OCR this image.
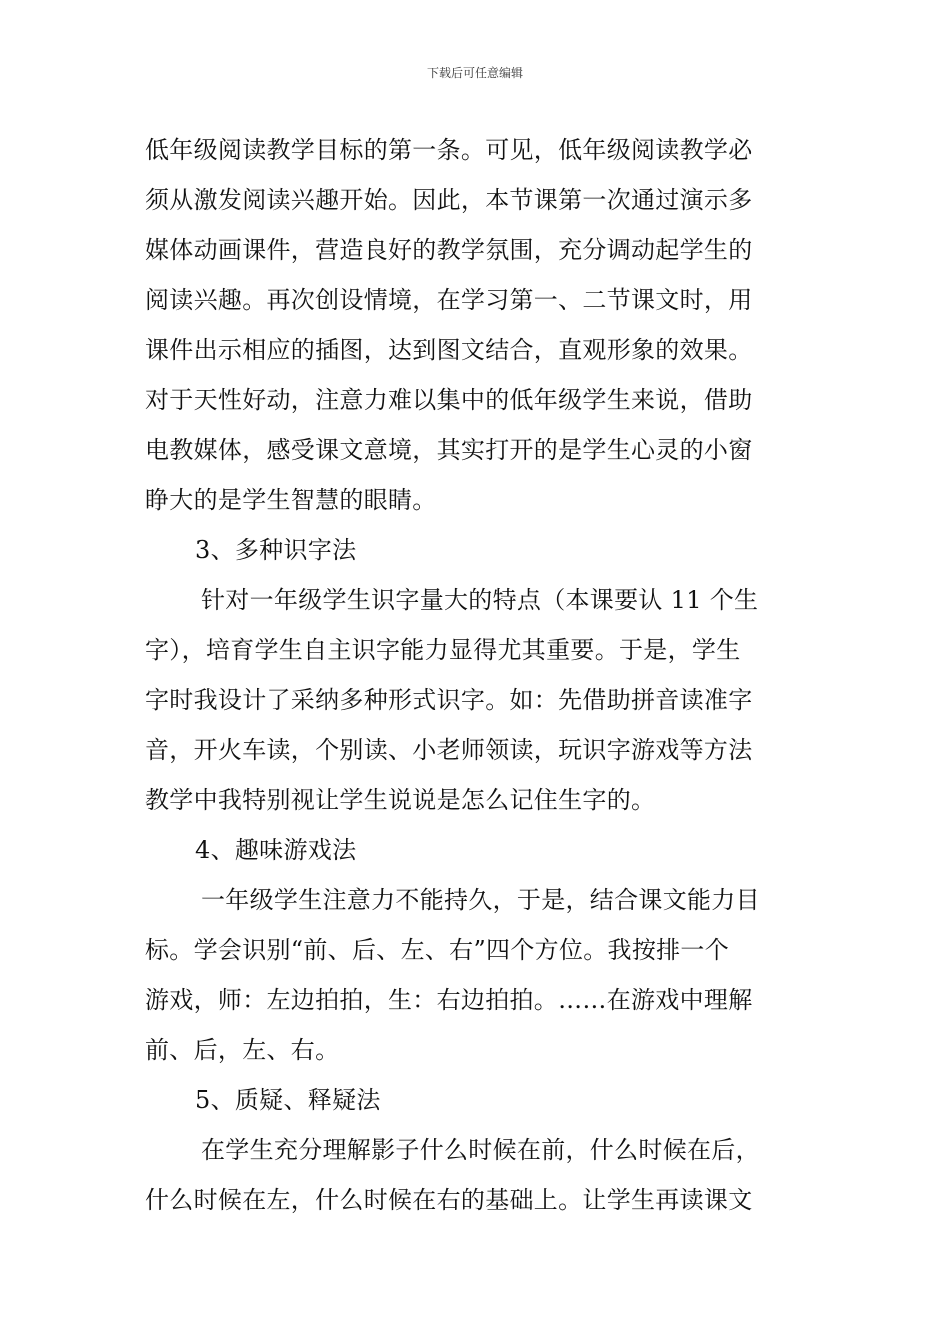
下载后可任意编辑
低年级阅读教学目标的第一条。可见，低年级阅读教学必
须从激发阅读兴趣开始。因此，本节课第一次通过演示多
媒体动画课件，营造良好的教学氛围，充分调动起学生的
阅读兴趣。再次创设情境，在学习第一、二节课文时，用
课件出示相应的插图，达到图文结合，直观形象的效果。
对于天性好动，注意力难以集中的低年级学生来说，借助
电教媒体，感受课文意境，其实打开的是学生心灵的小窗
睁大的是学生智慧的眼睛。
3、多种识字法
针对一年级学生识字量大的特点（本课要认 11 个生
字），培育学生自主识字能力显得尤其重要。于是，学生
字时我设计了采纳多种形式识字。如：先借助拼音读准字
音，开火车读，个别读、小老师领读，玩识字游戏等方法
教学中我特别视让学生说说是怎么记住生字的。
4、趣味游戏法
一年级学生注意力不能持久，于是，结合课文能力目
标。学会识别“前、后、左、右”四个方位。我按排一个
游戏，师：左边拍拍，生：右边拍拍。……在游戏中理解
前、后，左、右。
5、质疑、释疑法
在学生充分理解影子什么时候在前，什么时候在后，
什么时候在左，什么时候在右的基础上。让学生再读课文
